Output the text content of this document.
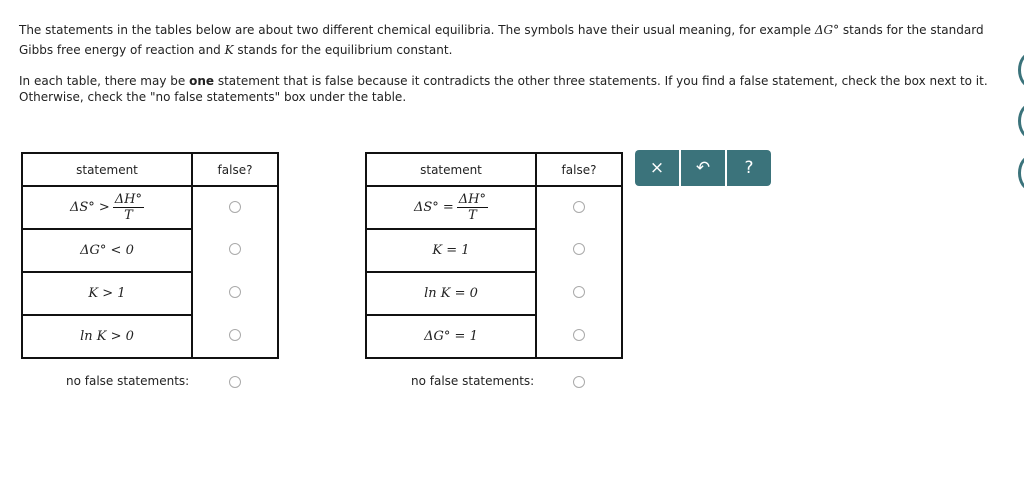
The statements in the tables below are about two different chemical equilibria. The symbols have their usual meaning, for example ΔG° stands for the standard Gibbs free energy of reaction and K stands for the equilibrium constant.

In each table, there may be one statement that is false because it contradicts the other three statements. If you find a false statement, check the box next to it. Otherwise, check the "no false statements" box under the table.

statement	false?
$\Delta S^\circ > \frac{\Delta H^\circ}{T}$

ΔG° < 0	
K > 1	
ln K > 0	
no false statements:
statement	false?
$\Delta S^\circ = \frac{\Delta H^\circ}{T}$

K = 1	
ln K = 0	
ΔG° = 1	
no false statements:
×	↶	?
